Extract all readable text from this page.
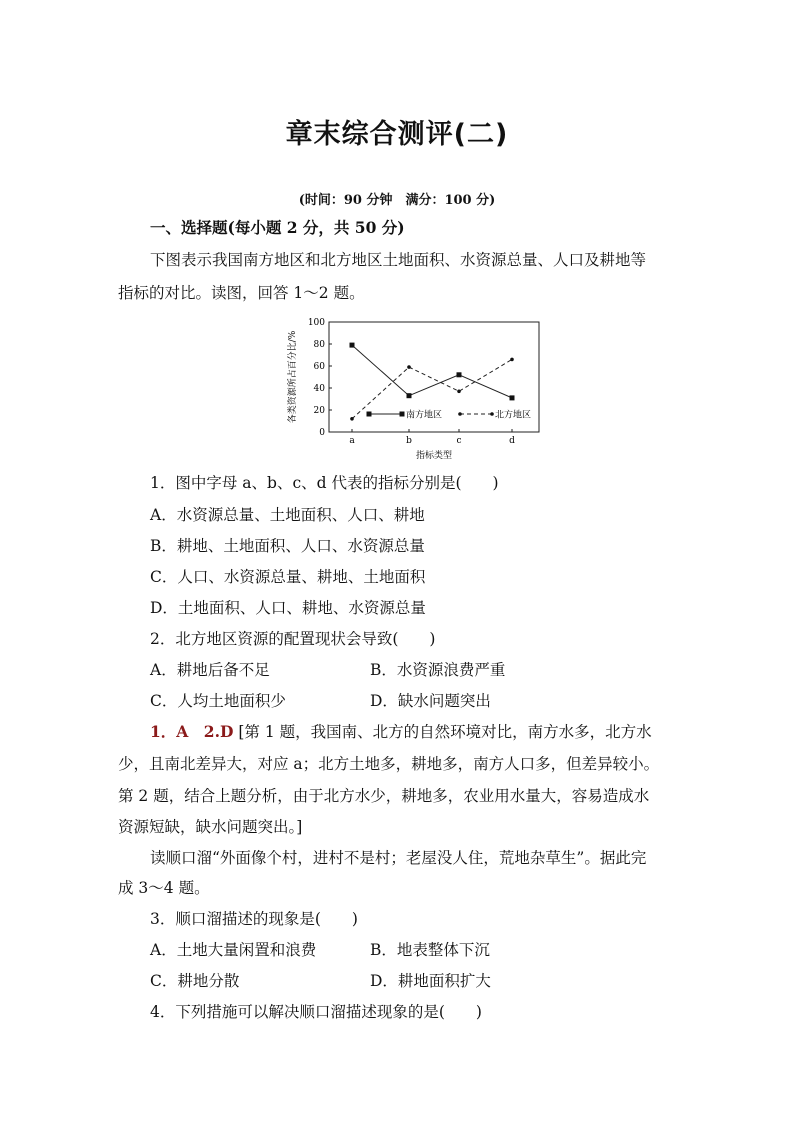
章末综合测评(二)
(时间：90 分钟　满分：100 分)
一、选择题(每小题 2 分，共 50 分)
下图表示我国南方地区和北方地区土地面积、水资源总量、人口及耕地等
指标的对比。读图，回答 1～2 题。
100
80
60
40
20
0
a	b	c	d
南方地区	北方地区
各类资源所占百分比/%
指标类型
1．图中字母 a、b、c、d 代表的指标分别是(　　)
A．水资源总量、土地面积、人口、耕地
B．耕地、土地面积、人口、水资源总量
C．人口、水资源总量、耕地、土地面积
D．土地面积、人口、耕地、水资源总量
2．北方地区资源的配置现状会导致(　　)
A．耕地后备不足	B．水资源浪费严重
C．人均土地面积少	D．缺水问题突出
1．A　2.D [第 1 题，我国南、北方的自然环境对比，南方水多，北方水
少，且南北差异大，对应 a；北方土地多，耕地多，南方人口多，但差异较小。
第 2 题，结合上题分析，由于北方水少，耕地多，农业用水量大，容易造成水
资源短缺，缺水问题突出。]
读顺口溜“外面像个村，进村不是村；老屋没人住，荒地杂草生”。据此完
成 3～4 题。
3．顺口溜描述的现象是(　　)
A．土地大量闲置和浪费	B．地表整体下沉
C．耕地分散	D．耕地面积扩大
4．下列措施可以解决顺口溜描述现象的是(　　)
